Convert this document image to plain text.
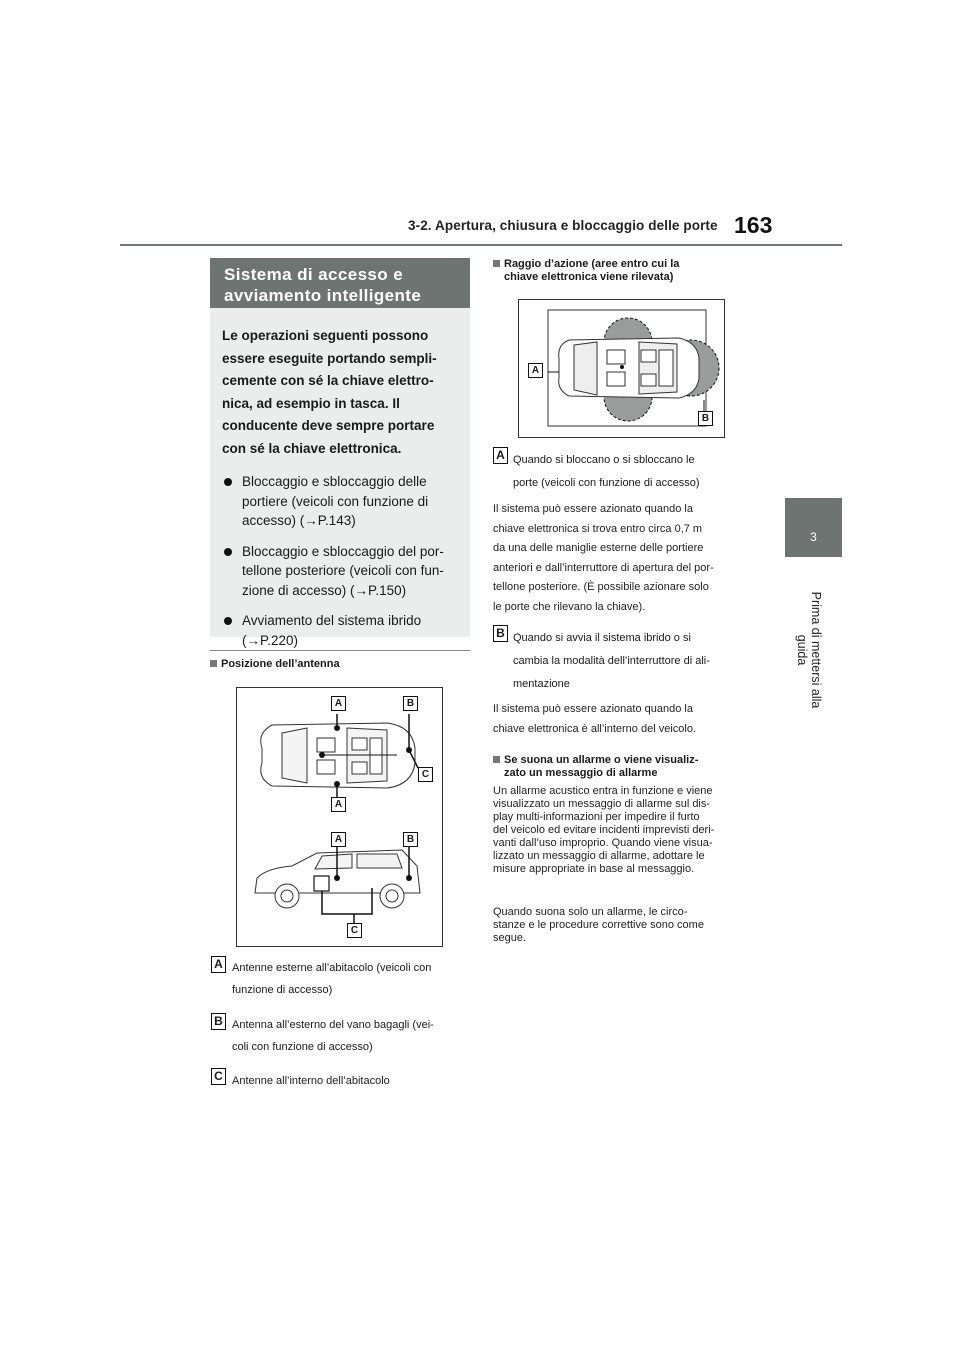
3-2. Apertura, chiusura e bloccaggio delle porte 163
3
Prima di mettersi alla guida
Sistema di accesso e
avviamento intelligente

Le operazioni seguenti possono

essere eseguite portando sempli-

cemente con sé la chiave elettro-

nica, ad esempio in tasca. Il

conducente deve sempre portare

con sé la chiave elettronica.

Bloccaggio e sbloccaggio delle
portiere (veicoli con funzione di
accesso) (→P.143)
Bloccaggio e sbloccaggio del por-
tellone posteriore (veicoli con fun-
zione di accesso) (→P.150)
Avviamento del sistema ibrido
(→P.220)
Posizione dell’antenna
A	B
C
A
A	B
C
A Antenne esterne all’abitacolo (veicoli con
funzione di accesso)
B Antenna all’esterno del vano bagagli (vei-
coli con funzione di accesso)
C Antenne all’interno dell’abitacolo
Raggio d’azione (aree entro cui la
chiave elettronica viene rilevata)
A
B
A Quando si bloccano o si sbloccano le
porte (veicoli con funzione di accesso)
Il sistema può essere azionato quando la
chiave elettronica si trova entro circa 0,7 m
da una delle maniglie esterne delle portiere
anteriori e dall’interruttore di apertura del por-
tellone posteriore. (È possibile azionare solo
le porte che rilevano la chiave).
B Quando si avvia il sistema ibrido o si
cambia la modalità dell’interruttore di ali-
mentazione
Il sistema può essere azionato quando la
chiave elettronica è all’interno del veicolo.
Se suona un allarme o viene visualiz-
zato un messaggio di allarme
Un allarme acustico entra in funzione e viene
visualizzato un messaggio di allarme sul dis-
play multi-informazioni per impedire il furto
del veicolo ed evitare incidenti imprevisti deri-
vanti dall’uso improprio. Quando viene visua-
lizzato un messaggio di allarme, adottare le
misure appropriate in base al messaggio.
Quando suona solo un allarme, le circo-
stanze e le procedure correttive sono come
segue.
